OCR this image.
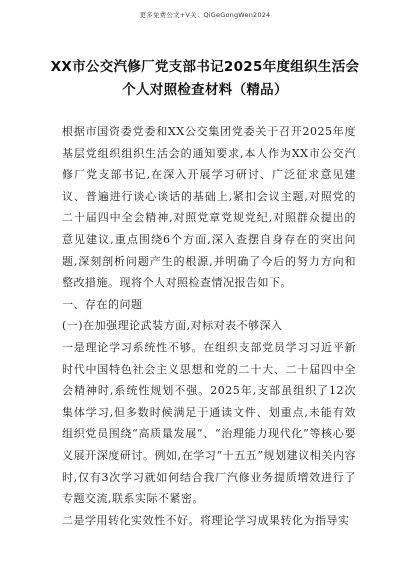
更多免费公文+V关：QiGeGongWen2024
XX市公交汽修厂党支部书记2025年度组织生活会个人对照检查材料（精品）

根据市国资委党委和XX公交集团党委关于召开2025年度基层党组织组织生活会的通知要求,本人作为XX市公交汽修厂党支部书记,在深入开展学习研讨、广泛征求意见建议、普遍进行谈心谈话的基础上,紧扣会议主题,对照党的二十届四中全会精神,对照党章党规党纪,对照群众提出的意见建议,重点围绕6个方面,深入查摆自身存在的突出问题,深刻剖析问题产生的根源,并明确了今后的努力方向和整改措施。现将个人对照检查情况报告如下。

一、存在的问题

(一)在加强理论武装方面,对标对表不够深入

一是理论学习系统性不够。在组织支部党员学习习近平新时代中国特色社会主义思想和党的二十大、二十届四中全会精神时,系统性规划不强。2025年,支部虽组织了12次集体学习,但多数时候满足于通读文件、划重点,未能有效组织党员围绕“高质量发展”、“治理能力现代化”等核心要义展开深度研讨。例如,在学习“十五五”规划建议相关内容时,仅有3次学习就如何结合我厂汽修业务提质增效进行了专题交流,联系实际不紧密。

二是学用转化实效性不好。将理论学习成果转化为指导实
